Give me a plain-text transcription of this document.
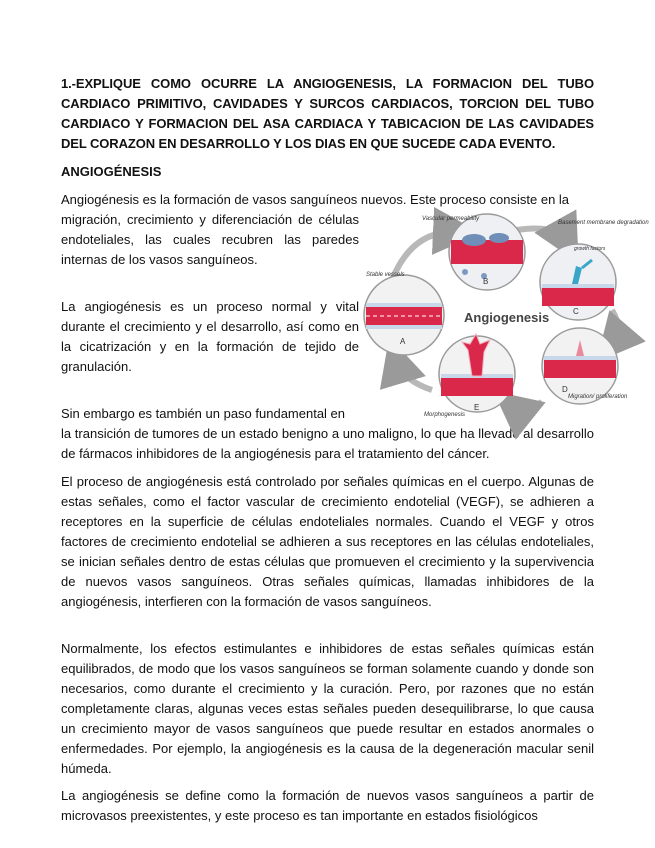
1.-EXPLIQUE COMO OCURRE LA ANGIOGENESIS, LA FORMACION DEL TUBO CARDIACO PRIMITIVO, CAVIDADES Y SURCOS CARDIACOS, TORCION DEL TUBO CARDIACO Y FORMACION DEL ASA CARDIACA Y TABICACION DE LAS CAVIDADES DEL CORAZON EN DESARROLLO Y LOS DIAS EN QUE SUCEDE CADA EVENTO.

ANGIOGÉNESIS

Angiogénesis es la formación de vasos sanguíneos nuevos. Este proceso consiste en la

migración, crecimiento y diferenciación de células endoteliales, las cuales recubren las paredes internas de los vasos sanguíneos.

La angiogénesis es un proceso normal y vital durante el crecimiento y el desarrollo, así como en la cicatrización y en la formación de tejido de granulación.

Sin embargo es también un paso fundamental en

la transición de tumores de un estado benigno a uno maligno, lo que ha llevado al desarrollo de fármacos inhibidores de la angiogénesis para el tratamiento del cáncer.

El proceso de angiogénesis está controlado por señales químicas en el cuerpo. Algunas de estas señales, como el factor vascular de crecimiento endotelial (VEGF), se adhieren a receptores en la superficie de células endoteliales normales. Cuando el VEGF y otros factores de crecimiento endotelial se adhieren a sus receptores en las células endoteliales, se inician señales dentro de estas células que promueven el crecimiento y la supervivencia de nuevos vasos sanguíneos. Otras señales químicas, llamadas inhibidores de la angiogénesis, interfieren con la formación de vasos sanguíneos.

Normalmente, los efectos estimulantes e inhibidores de estas señales químicas están equilibrados, de modo que los vasos sanguíneos se forman solamente cuando y donde son necesarios, como durante el crecimiento y la curación. Pero, por razones que no están completamente claras, algunas veces estas señales pueden desequilibrarse, lo que causa un crecimiento mayor de vasos sanguíneos que puede resultar en estados anormales o enfermedades. Por ejemplo, la angiogénesis es la causa de la degeneración macular senil húmeda.

La angiogénesis se define como la formación de nuevos vasos sanguíneos a partir de microvasos preexistentes, y este proceso es tan importante en estados fisiológicos

A
Stable vessels
B
Vascular permeability
C
Basement membrane degradation
growth factors
D
Migration/ proliferation
E
Morphogenesis
Angiogenesis
